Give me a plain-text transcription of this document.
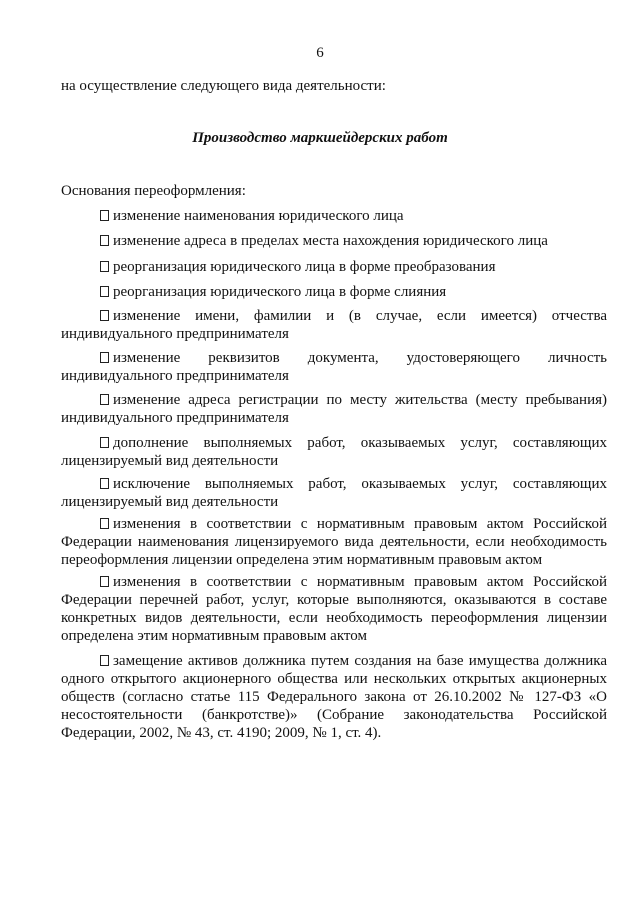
6
на осуществление следующего вида деятельности:
Производство маркшейдерских работ
Основания переоформления:

изменение наименования юридического лица

изменение адреса в пределах места нахождения юридического лица

реорганизация юридического лица в форме преобразования

реорганизация юридического лица в форме слияния

изменение имени, фамилии и (в случае, если имеется) отчества индивидуального предпринимателя

изменение реквизитов документа, удостоверяющего личность индивидуального предпринимателя

изменение адреса регистрации по месту жительства (месту пребывания) индивидуального предпринимателя

дополнение выполняемых работ, оказываемых услуг, составляющих лицензируемый вид деятельности

исключение выполняемых работ, оказываемых услуг, составляющих лицензируемый вид деятельности

изменения в соответствии с нормативным правовым актом Российской Федерации наименования лицензируемого вида деятельности, если необходимость переоформления лицензии определена этим нормативным правовым актом

изменения в соответствии с нормативным правовым актом Российской Федерации перечней работ, услуг, которые выполняются, оказываются в составе конкретных видов деятельности, если необходимость переоформления лицензии определена этим нормативным правовым актом

замещение активов должника путем создания на базе имущества должника одного открытого акционерного общества или нескольких открытых акционерных обществ (согласно статье 115 Федерального закона от 26.10.2002 № 127-ФЗ «О несостоятельности (банкротстве)» (Собрание законодательства Российской Федерации, 2002, № 43, ст. 4190; 2009, № 1, ст. 4).
